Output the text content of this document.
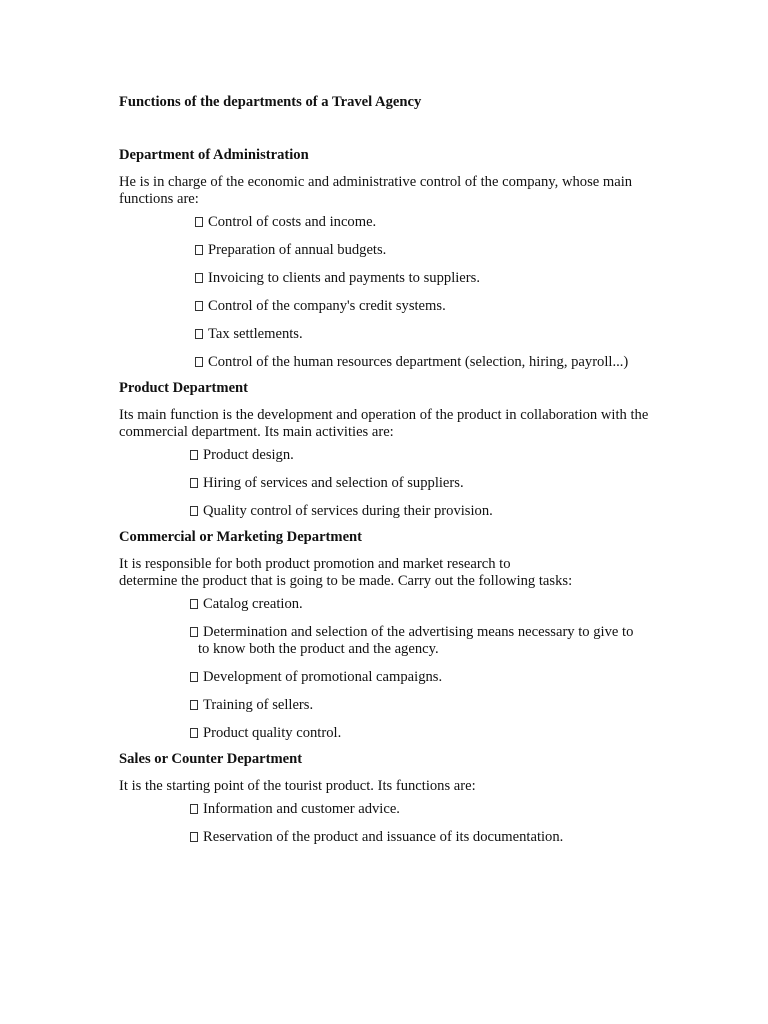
Functions of the departments of a Travel Agency
Department of Administration

He is in charge of the economic and administrative control of the company, whose main
functions are:

Control of costs and income.
Preparation of annual budgets.
Invoicing to clients and payments to suppliers.
Control of the company's credit systems.
Tax settlements.
Control of the human resources department (selection, hiring, payroll...)
Product Department

Its main function is the development and operation of the product in collaboration with the
commercial department. Its main activities are:

Product design.
Hiring of services and selection of suppliers.
Quality control of services during their provision.
Commercial or Marketing Department

It is responsible for both product promotion and market research to
determine the product that is going to be made. Carry out the following tasks:

Catalog creation.
Determination and selection of the advertising means necessary to give to
to know both the product and the agency.
Development of promotional campaigns.
Training of sellers.
Product quality control.
Sales or Counter Department

It is the starting point of the tourist product. Its functions are:

Information and customer advice.
Reservation of the product and issuance of its documentation.
